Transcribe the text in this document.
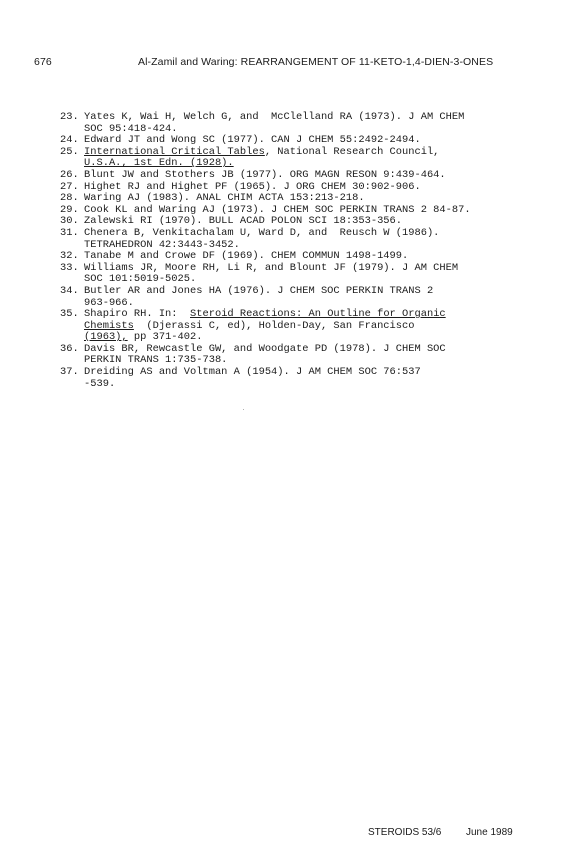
676	Al-Zamil and Waring: REARRANGEMENT OF 11-KETO-1,4-DIEN-3-ONES
23. Yates K, Wai H, Welch G, and  McClelland RA (1973). J AM CHEM
SOC 95:418-424.
24. Edward JT and Wong SC (1977). CAN J CHEM 55:2492-2494.
25. International Critical Tables, National Research Council,
U.S.A., 1st Edn. (1928).
26. Blunt JW and Stothers JB (1977). ORG MAGN RESON 9:439-464.
27. Highet RJ and Highet PF (1965). J ORG CHEM 30:902-906.
28. Waring AJ (1983). ANAL CHIM ACTA 153:213-218.
29. Cook KL and Waring AJ (1973). J CHEM SOC PERKIN TRANS 2 84-87.
30. Zalewski RI (1970). BULL ACAD POLON SCI 18:353-356.
31. Chenera B, Venkitachalam U, Ward D, and  Reusch W (1986).
TETRAHEDRON 42:3443-3452.
32. Tanabe M and Crowe DF (1969). CHEM COMMUN 1498-1499.
33. Williams JR, Moore RH, Li R, and Blount JF (1979). J AM CHEM
SOC 101:5019-5025.
34. Butler AR and Jones HA (1976). J CHEM SOC PERKIN TRANS 2
963-966.
35. Shapiro RH. In:  Steroid Reactions: An Outline for Organic
Chemists  (Djerassi C, ed), Holden-Day, San Francisco
(1963), pp 371-402.
36. Davis BR, Rewcastle GW, and Woodgate PD (1978). J CHEM SOC
PERKIN TRANS 1:735-738.
37. Dreiding AS and Voltman A (1954). J AM CHEM SOC 76:537
-539.
STEROIDS 53/6 June 1989
